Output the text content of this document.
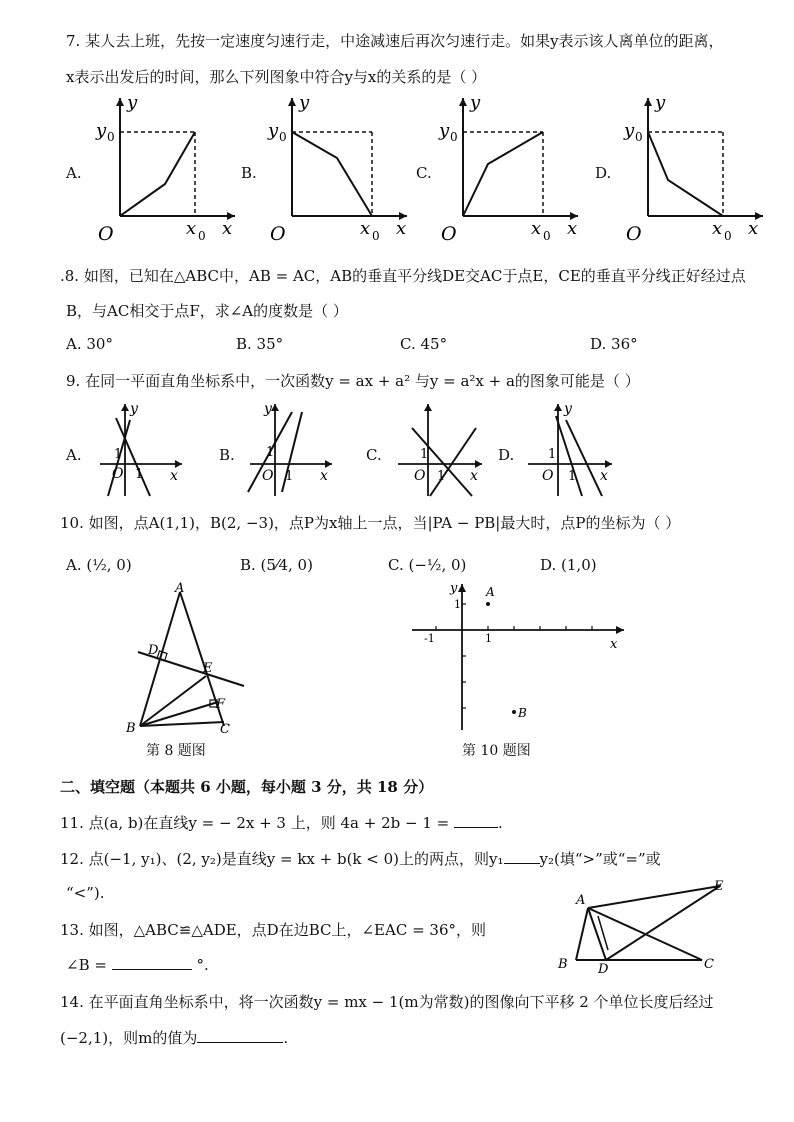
7. 某人去上班，先按一定速度匀速行走，中途减速后再次匀速行走。如果y表示该人离单位的距离，
x表示出发后的时间，那么下列图象中符合y与x的关系的是（ ）
A.
y
y 0
O	x 0 x
B.
y
y 0
O	x 0 x
C.
y
y 0
O	x 0 x
D.
y
y 0
O	x 0 x
.8. 如图，已知在△ABC中，AB = AC，AB的垂直平分线DE交AC于点E，CE的垂直平分线正好经过点
B，与AC相交于点F，求∠A的度数是（ ）
A. 30°	B. 35°	C. 45°	D. 36°
9. 在同一平面直角坐标系中，一次函数y = ax + a² 与y = a²x + a的图象可能是（ ）
A.
y
1
O 1 x
B.
y
1
O 1 x
C.	1
O 1 x
D.
y
1
O 1 x
10. 如图，点A(1,1)，B(2, −3)，点P为x轴上一点，当|PA − PB|最大时，点P的坐标为（ ）
A. (½, 0)	B. (5⁄4, 0)	C. (−½, 0)	D. (1,0)
A
D
E
F
B	C
第 8 题图
y
1
A
-1	1	x
B
第 10 题图
二、填空题（本题共 6 小题，每小题 3 分，共 18 分）
11. 点(a, b)在直线y = − 2x + 3 上，则 4a + 2b − 1 =	.
12. 点(−1, y₁)、(2, y₂)是直线y = kx + b(k < 0)上的两点，则y₁ y₂(填“>”或“=”或
“<”).
13. 如图，△ABC≌△ADE，点D在边BC上，∠EAC = 36°，则
∠B =	°.
A
E
B D	C
14. 在平面直角坐标系中，将一次函数y = mx − 1(m为常数)的图像向下平移 2 个单位长度后经过
(−2,1)，则m的值为	.
